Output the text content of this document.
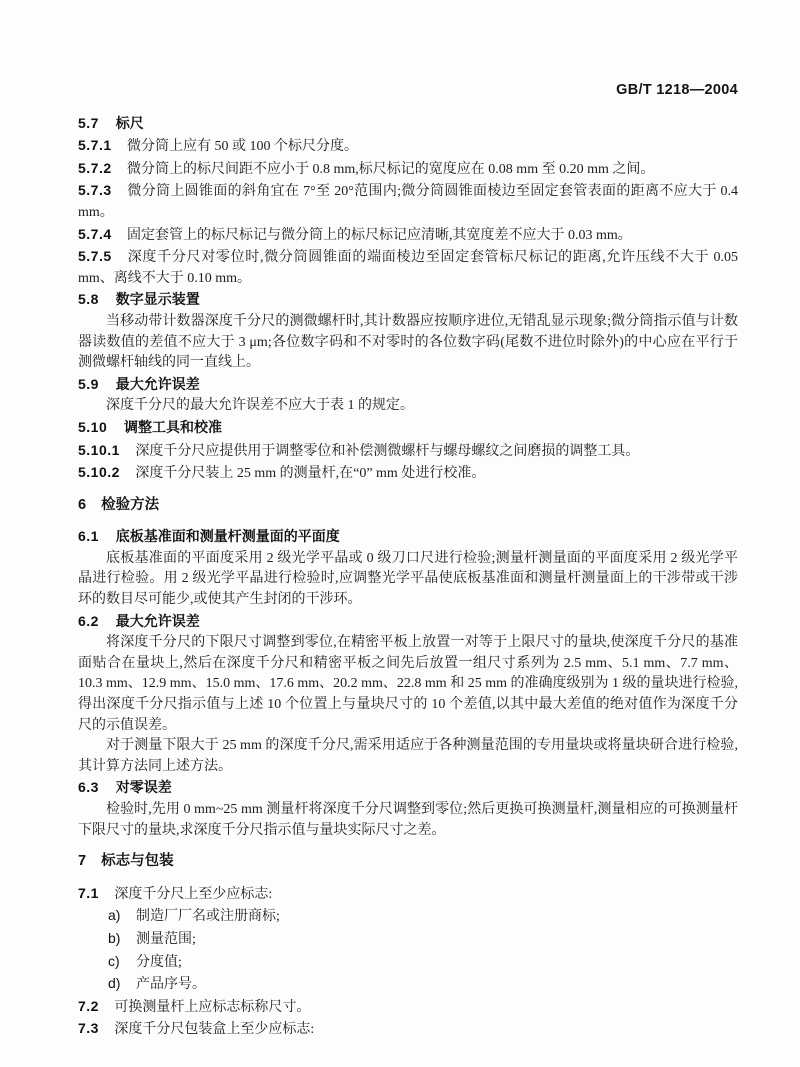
GB/T 1218—2004
5.7 标尺
5.7.1 微分筒上应有 50 或 100 个标尺分度。
5.7.2 微分筒上的标尺间距不应小于 0.8 mm,标尺标记的宽度应在 0.08 mm 至 0.20 mm 之间。
5.7.3 微分筒上圆锥面的斜角宜在 7°至 20°范围内;微分筒圆锥面棱边至固定套管表面的距离不应大于 0.4 mm。
5.7.4 固定套管上的标尺标记与微分筒上的标尺标记应清晰,其宽度差不应大于 0.03 mm。
5.7.5 深度千分尺对零位时,微分筒圆锥面的端面棱边至固定套管标尺标记的距离,允许压线不大于 0.05 mm、离线不大于 0.10 mm。
5.8 数字显示装置

当移动带计数器深度千分尺的测微螺杆时,其计数器应按顺序进位,无错乱显示现象;微分筒指示值与计数器读数值的差值不应大于 3 μm;各位数字码和不对零时的各位数字码(尾数不进位时除外)的中心应在平行于测微螺杆轴线的同一直线上。

5.9 最大允许误差

深度千分尺的最大允许误差不应大于表 1 的规定。

5.10 调整工具和校准
5.10.1 深度千分尺应提供用于调整零位和补偿测微螺杆与螺母螺纹之间磨损的调整工具。
5.10.2 深度千分尺装上 25 mm 的测量杆,在“0” mm 处进行校准。
6 检验方法
6.1 底板基准面和测量杆测量面的平面度

底板基准面的平面度采用 2 级光学平晶或 0 级刀口尺进行检验;测量杆测量面的平面度采用 2 级光学平晶进行检验。用 2 级光学平晶进行检验时,应调整光学平晶使底板基准面和测量杆测量面上的干涉带或干涉环的数目尽可能少,或使其产生封闭的干涉环。

6.2 最大允许误差

将深度千分尺的下限尺寸调整到零位,在精密平板上放置一对等于上限尺寸的量块,使深度千分尺的基准面贴合在量块上,然后在深度千分尺和精密平板之间先后放置一组尺寸系列为 2.5 mm、5.1 mm、7.7 mm、10.3 mm、12.9 mm、15.0 mm、17.6 mm、20.2 mm、22.8 mm 和 25 mm 的准确度级别为 1 级的量块进行检验,得出深度千分尺指示值与上述 10 个位置上与量块尺寸的 10 个差值,以其中最大差值的绝对值作为深度千分尺的示值误差。

对于测量下限大于 25 mm 的深度千分尺,需采用适应于各种测量范围的专用量块或将量块研合进行检验,其计算方法同上述方法。

6.3 对零误差

检验时,先用 0 mm~25 mm 测量杆将深度千分尺调整到零位;然后更换可换测量杆,测量相应的可换测量杆下限尺寸的量块,求深度千分尺指示值与量块实际尺寸之差。

7 标志与包装
7.1 深度千分尺上至少应标志:
a) 制造厂厂名或注册商标;
b) 测量范围;
c) 分度值;
d) 产品序号。
7.2 可换测量杆上应标志标称尺寸。
7.3 深度千分尺包装盒上至少应标志:
